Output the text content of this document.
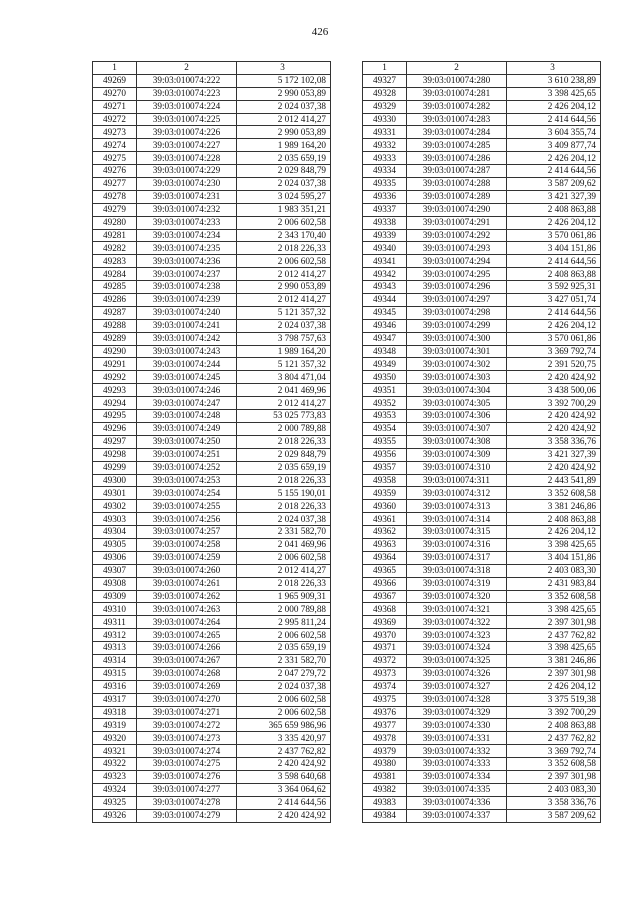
426
1	2	3
49269	39:03:010074:222	5 172 102,08
49270	39:03:010074:223	2 990 053,89
49271	39:03:010074:224	2 024 037,38
49272	39:03:010074:225	2 012 414,27
49273	39:03:010074:226	2 990 053,89
49274	39:03:010074:227	1 989 164,20
49275	39:03:010074:228	2 035 659,19
49276	39:03:010074:229	2 029 848,79
49277	39:03:010074:230	2 024 037,38
49278	39:03:010074:231	3 024 595,27
49279	39:03:010074:232	1 983 351,21
49280	39:03:010074:233	2 006 602,58
49281	39:03:010074:234	2 343 170,40
49282	39:03:010074:235	2 018 226,33
49283	39:03:010074:236	2 006 602,58
49284	39:03:010074:237	2 012 414,27
49285	39:03:010074:238	2 990 053,89
49286	39:03:010074:239	2 012 414,27
49287	39:03:010074:240	5 121 357,32
49288	39:03:010074:241	2 024 037,38
49289	39:03:010074:242	3 798 757,63
49290	39:03:010074:243	1 989 164,20
49291	39:03:010074:244	5 121 357,32
49292	39:03:010074:245	3 804 471,04
49293	39:03:010074:246	2 041 469,96
49294	39:03:010074:247	2 012 414,27
49295	39:03:010074:248	53 025 773,83
49296	39:03:010074:249	2 000 789,88
49297	39:03:010074:250	2 018 226,33
49298	39:03:010074:251	2 029 848,79
49299	39:03:010074:252	2 035 659,19
49300	39:03:010074:253	2 018 226,33
49301	39:03:010074:254	5 155 190,01
49302	39:03:010074:255	2 018 226,33
49303	39:03:010074:256	2 024 037,38
49304	39:03:010074:257	2 331 582,70
49305	39:03:010074:258	2 041 469,96
49306	39:03:010074:259	2 006 602,58
49307	39:03:010074:260	2 012 414,27
49308	39:03:010074:261	2 018 226,33
49309	39:03:010074:262	1 965 909,31
49310	39:03:010074:263	2 000 789,88
49311	39:03:010074:264	2 995 811,24
49312	39:03:010074:265	2 006 602,58
49313	39:03:010074:266	2 035 659,19
49314	39:03:010074:267	2 331 582,70
49315	39:03:010074:268	2 047 279,72
49316	39:03:010074:269	2 024 037,38
49317	39:03:010074:270	2 006 602,58
49318	39:03:010074:271	2 006 602,58
49319	39:03:010074:272	365 659 986,96
49320	39:03:010074:273	3 335 420,97
49321	39:03:010074:274	2 437 762,82
49322	39:03:010074:275	2 420 424,92
49323	39:03:010074:276	3 598 640,68
49324	39:03:010074:277	3 364 064,62
49325	39:03:010074:278	2 414 644,56
49326	39:03:010074:279	2 420 424,92
1	2	3
49327	39:03:010074:280	3 610 238,89
49328	39:03:010074:281	3 398 425,65
49329	39:03:010074:282	2 426 204,12
49330	39:03:010074:283	2 414 644,56
49331	39:03:010074:284	3 604 355,74
49332	39:03:010074:285	3 409 877,74
49333	39:03:010074:286	2 426 204,12
49334	39:03:010074:287	2 414 644,56
49335	39:03:010074:288	3 587 209,62
49336	39:03:010074:289	3 421 327,39
49337	39:03:010074:290	2 408 863,88
49338	39:03:010074:291	2 426 204,12
49339	39:03:010074:292	3 570 061,86
49340	39:03:010074:293	3 404 151,86
49341	39:03:010074:294	2 414 644,56
49342	39:03:010074:295	2 408 863,88
49343	39:03:010074:296	3 592 925,31
49344	39:03:010074:297	3 427 051,74
49345	39:03:010074:298	2 414 644,56
49346	39:03:010074:299	2 426 204,12
49347	39:03:010074:300	3 570 061,86
49348	39:03:010074:301	3 369 792,74
49349	39:03:010074:302	2 391 520,75
49350	39:03:010074:303	2 420 424,92
49351	39:03:010074:304	3 438 500,06
49352	39:03:010074:305	3 392 700,29
49353	39:03:010074:306	2 420 424,92
49354	39:03:010074:307	2 420 424,92
49355	39:03:010074:308	3 358 336,76
49356	39:03:010074:309	3 421 327,39
49357	39:03:010074:310	2 420 424,92
49358	39:03:010074:311	2 443 541,89
49359	39:03:010074:312	3 352 608,58
49360	39:03:010074:313	3 381 246,86
49361	39:03:010074:314	2 408 863,88
49362	39:03:010074:315	2 426 204,12
49363	39:03:010074:316	3 398 425,65
49364	39:03:010074:317	3 404 151,86
49365	39:03:010074:318	2 403 083,30
49366	39:03:010074:319	2 431 983,84
49367	39:03:010074:320	3 352 608,58
49368	39:03:010074:321	3 398 425,65
49369	39:03:010074:322	2 397 301,98
49370	39:03:010074:323	2 437 762,82
49371	39:03:010074:324	3 398 425,65
49372	39:03:010074:325	3 381 246,86
49373	39:03:010074:326	2 397 301,98
49374	39:03:010074:327	2 426 204,12
49375	39:03:010074:328	3 375 519,38
49376	39:03:010074:329	3 392 700,29
49377	39:03:010074:330	2 408 863,88
49378	39:03:010074:331	2 437 762,82
49379	39:03:010074:332	3 369 792,74
49380	39:03:010074:333	3 352 608,58
49381	39:03:010074:334	2 397 301,98
49382	39:03:010074:335	2 403 083,30
49383	39:03:010074:336	3 358 336,76
49384	39:03:010074:337	3 587 209,62
